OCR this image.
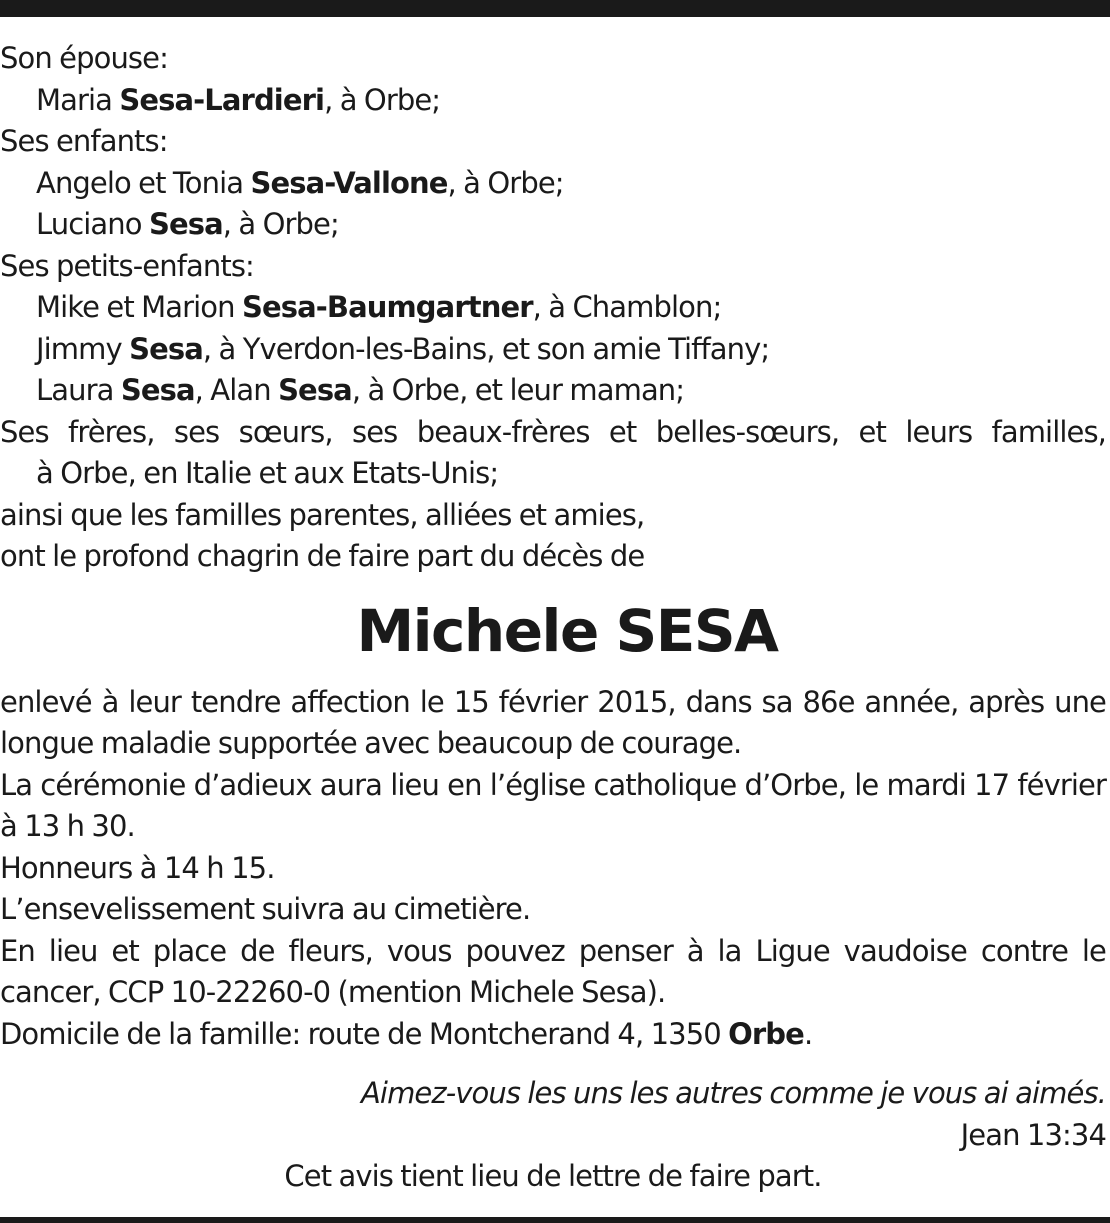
Son épouse:
Maria Sesa-Lardieri, à Orbe;
Ses enfants:
Angelo et Tonia Sesa-Vallone, à Orbe;
Luciano Sesa, à Orbe;
Ses petits-enfants:
Mike et Marion Sesa-Baumgartner, à Chamblon;
Jimmy Sesa, à Yverdon-les-Bains, et son amie Tiffany;
Laura Sesa, Alan Sesa, à Orbe, et leur maman;
Ses frères, ses sœurs, ses beaux-frères et belles-sœurs, et leurs familles,
à Orbe, en Italie et aux Etats-Unis;
ainsi que les familles parentes, alliées et amies,
ont le profond chagrin de faire part du décès de
Michele SESA
enlevé à leur tendre affection le 15 février 2015, dans sa 86e année, après une longue maladie supportée avec beaucoup de courage.
La cérémonie d’adieux aura lieu en l’église catholique d’Orbe, le mardi 17 février à 13 h 30.
Honneurs à 14 h 15.
L’ensevelissement suivra au cimetière.
En lieu et place de fleurs, vous pouvez penser à la Ligue vaudoise contre le cancer, CCP 10-22260-0 (mention Michele Sesa).
Domicile de la famille: route de Montcherand 4, 1350 Orbe.
Aimez-vous les uns les autres comme je vous ai aimés.
Jean 13:34
Cet avis tient lieu de lettre de faire part.
